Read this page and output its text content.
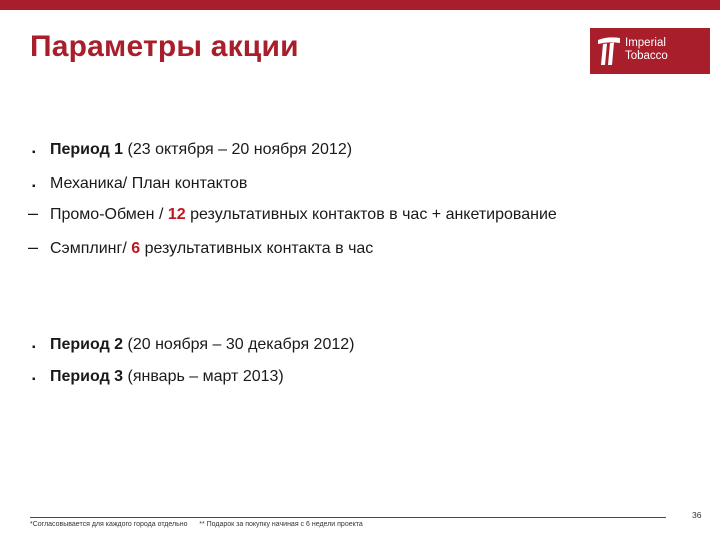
Параметры акции	Imperial
Tobacco
▪ Период 1 (23 октября – 20 ноября 2012)
▪ Механика/ План контактов
– Промо-Обмен / 12 результативных контактов в час + анкетирование
– Сэмплинг/ 6 результативных контакта в час
▪ Период 2 (20 ноября – 30 декабря 2012)
▪ Период 3 (январь – март 2013)
*Согласовывается для каждого города отдельно ** Подарок за покупку начиная с 6 недели проекта
36
